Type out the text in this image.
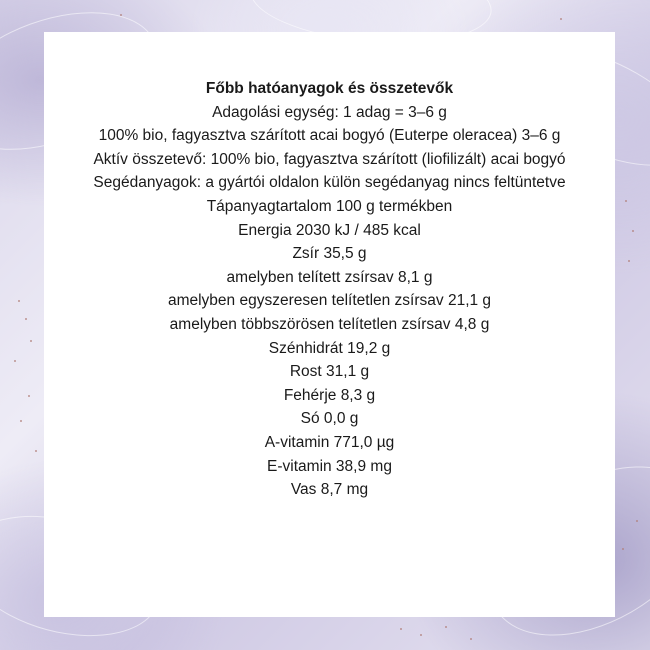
Főbb hatóanyagok és összetevők
Adagolási egység: 1 adag = 3–6 g
100% bio, fagyasztva szárított acai bogyó (Euterpe oleracea) 3–6 g
Aktív összetevő: 100% bio, fagyasztva szárított (liofilizált) acai bogyó
Segédanyagok: a gyártói oldalon külön segédanyag nincs feltüntetve
Tápanyagtartalom 100 g termékben
Energia 2030 kJ / 485 kcal
Zsír 35,5 g
amelyben telített zsírsav 8,1 g
amelyben egyszeresen telítetlen zsírsav 21,1 g
amelyben többszörösen telítetlen zsírsav 4,8 g
Szénhidrát 19,2 g
Rost 31,1 g
Fehérje 8,3 g
Só 0,0 g
A-vitamin 771,0 µg
E-vitamin 38,9 mg
Vas 8,7 mg
